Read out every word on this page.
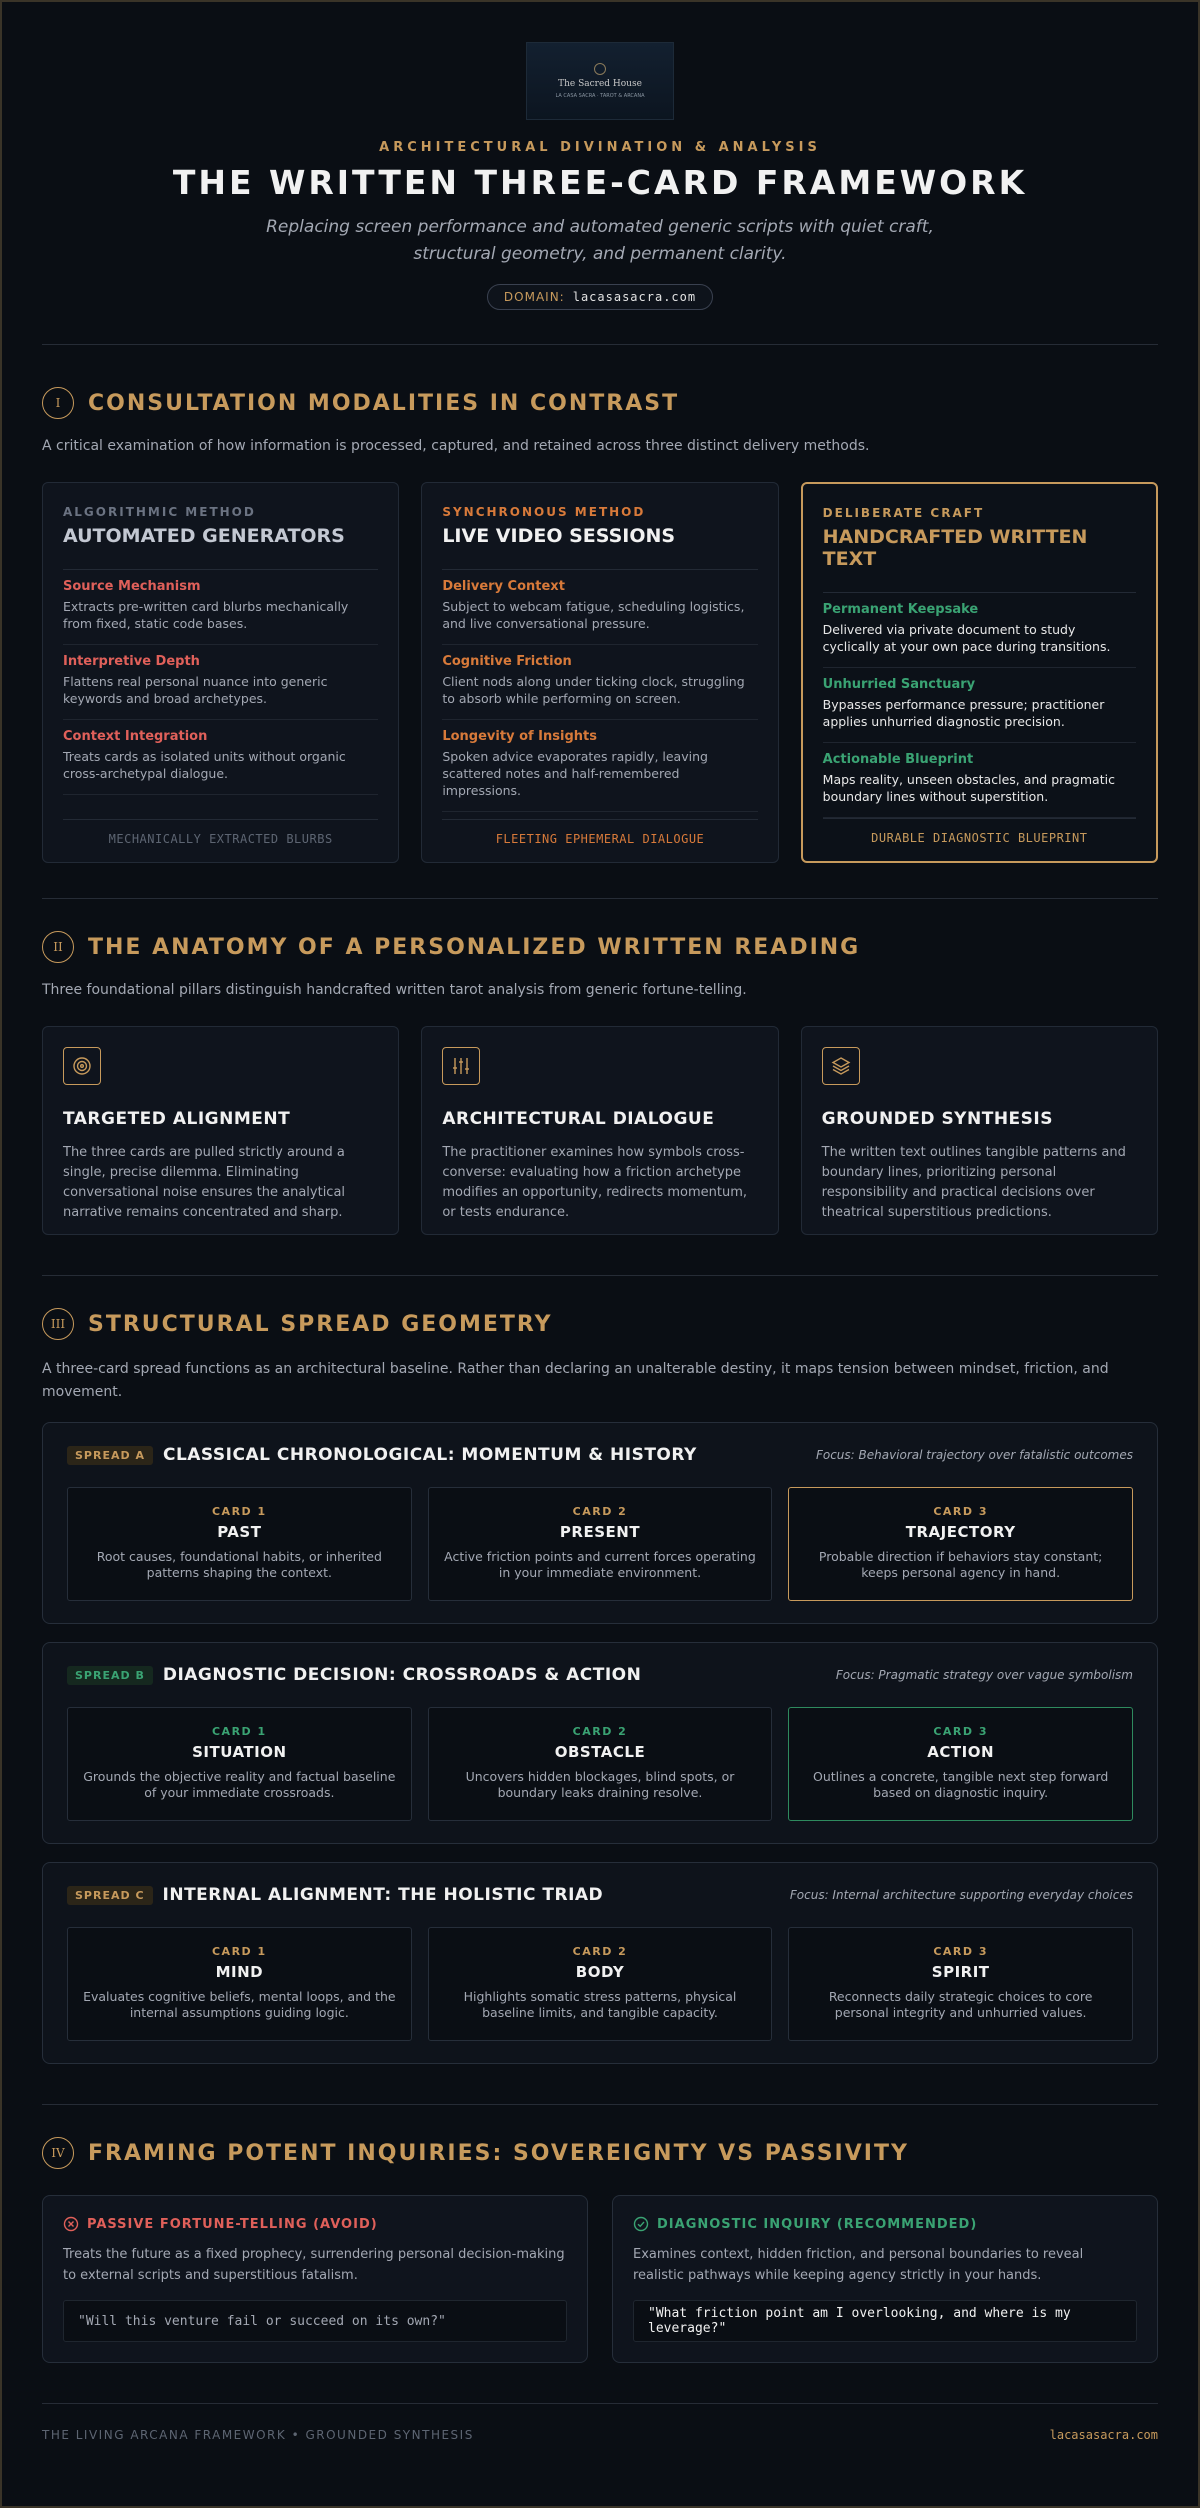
The Sacred House
LA CASA SACRA · TAROT & ARCANA
ARCHITECTURAL DIVINATION & ANALYSIS
THE WRITTEN THREE-CARD FRAMEWORK
Replacing screen performance and automated generic scripts with quiet craft, structural geometry, and permanent clarity.
DOMAIN: lacasasacra.com
I	CONSULTATION MODALITIES IN CONTRAST
A critical examination of how information is processed, captured, and retained across three distinct delivery methods.
ALGORITHMIC METHOD
AUTOMATED GENERATORS
Source Mechanism
Extracts pre-written card blurbs mechanically from fixed, static code bases.
Interpretive Depth
Flattens real personal nuance into generic keywords and broad archetypes.
Context Integration
Treats cards as isolated units without organic cross-archetypal dialogue.
MECHANICALLY EXTRACTED BLURBS
SYNCHRONOUS METHOD
LIVE VIDEO SESSIONS
Delivery Context
Subject to webcam fatigue, scheduling logistics, and live conversational pressure.
Cognitive Friction
Client nods along under ticking clock, struggling to absorb while performing on screen.
Longevity of Insights
Spoken advice evaporates rapidly, leaving scattered notes and half-remembered impressions.
FLEETING EPHEMERAL DIALOGUE
DELIBERATE CRAFT
HANDCRAFTED WRITTEN TEXT
Permanent Keepsake
Delivered via private document to study cyclically at your own pace during transitions.
Unhurried Sanctuary
Bypasses performance pressure; practitioner applies unhurried diagnostic precision.
Actionable Blueprint
Maps reality, unseen obstacles, and pragmatic boundary lines without superstition.
DURABLE DIAGNOSTIC BLUEPRINT
II	THE ANATOMY OF A PERSONALIZED WRITTEN READING
Three foundational pillars distinguish handcrafted written tarot analysis from generic fortune-telling.
TARGETED ALIGNMENT
The three cards are pulled strictly around a single, precise dilemma. Eliminating conversational noise ensures the analytical narrative remains concentrated and sharp.
ARCHITECTURAL DIALOGUE
The practitioner examines how symbols cross-converse: evaluating how a friction archetype modifies an opportunity, redirects momentum, or tests endurance.
GROUNDED SYNTHESIS
The written text outlines tangible patterns and boundary lines, prioritizing personal responsibility and practical decisions over theatrical superstitious predictions.
III	STRUCTURAL SPREAD GEOMETRY
A three-card spread functions as an architectural baseline. Rather than declaring an unalterable destiny, it maps tension between mindset, friction, and movement.
SPREAD A	CLASSICAL CHRONOLOGICAL: MOMENTUM & HISTORY	Focus: Behavioral trajectory over fatalistic outcomes
CARD 1
PAST
Root causes, foundational habits, or inherited patterns shaping the context.
CARD 2
PRESENT
Active friction points and current forces operating in your immediate environment.
CARD 3
TRAJECTORY
Probable direction if behaviors stay constant; keeps personal agency in hand.
SPREAD B	DIAGNOSTIC DECISION: CROSSROADS & ACTION	Focus: Pragmatic strategy over vague symbolism
CARD 1
SITUATION
Grounds the objective reality and factual baseline of your immediate crossroads.
CARD 2
OBSTACLE
Uncovers hidden blockages, blind spots, or boundary leaks draining resolve.
CARD 3
ACTION
Outlines a concrete, tangible next step forward based on diagnostic inquiry.
SPREAD C	INTERNAL ALIGNMENT: THE HOLISTIC TRIAD	Focus: Internal architecture supporting everyday choices
CARD 1
MIND
Evaluates cognitive beliefs, mental loops, and the internal assumptions guiding logic.
CARD 2
BODY
Highlights somatic stress patterns, physical baseline limits, and tangible capacity.
CARD 3
SPIRIT
Reconnects daily strategic choices to core personal integrity and unhurried values.
IV	FRAMING POTENT INQUIRIES: SOVEREIGNTY VS PASSIVITY
PASSIVE FORTUNE-TELLING (AVOID)
Treats the future as a fixed prophecy, surrendering personal decision-making to external scripts and superstitious fatalism.
"Will this venture fail or succeed on its own?"
DIAGNOSTIC INQUIRY (RECOMMENDED)
Examines context, hidden friction, and personal boundaries to reveal realistic pathways while keeping agency strictly in your hands.
"What friction point am I overlooking, and where is my leverage?"
THE LIVING ARCANA FRAMEWORK • GROUNDED SYNTHESIS	lacasasacra.com
